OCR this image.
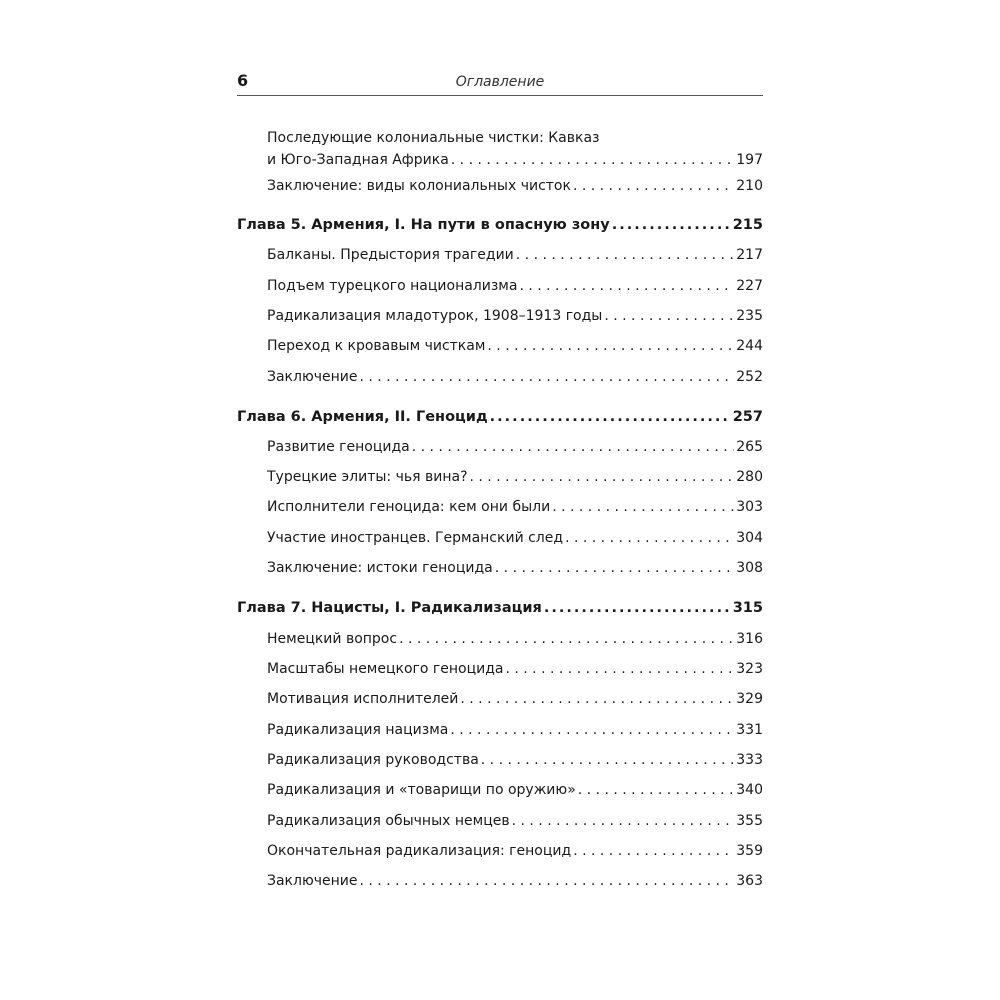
6	Оглавление
Последующие колониальные чистки: Кавказ
и Юго-Западная Африка . . .	197
Заключение: виды колониальных чисток . . .	210
Глава 5. Армения, I. На пути в опасную зону .....	215
Балканы. Предыстория трагедии . . .	217
Подъем турецкого национализма . . .	227
Радикализация младотурок, 1908–1913 годы . . .	235
Переход к кровавым чисткам . . .	244
Заключение . . .	252
Глава 6. Армения, II. Геноцид .....	257
Развитие геноцида . . .	265
Турецкие элиты: чья вина? . . .	280
Исполнители геноцида: кем они были . . .	303
Участие иностранцев. Германский след . . .	304
Заключение: истоки геноцида . . .	308
Глава 7. Нацисты, I. Радикализация .....	315
Немецкий вопрос . . .	316
Масштабы немецкого геноцида . . .	323
Мотивация исполнителей . . .	329
Радикализация нацизма . . .	331
Радикализация руководства . . .	333
Радикализация и «товарищи по оружию» . . .	340
Радикализация обычных немцев . . .	355
Окончательная радикализация: геноцид . . .	359
Заключение . . .	363
